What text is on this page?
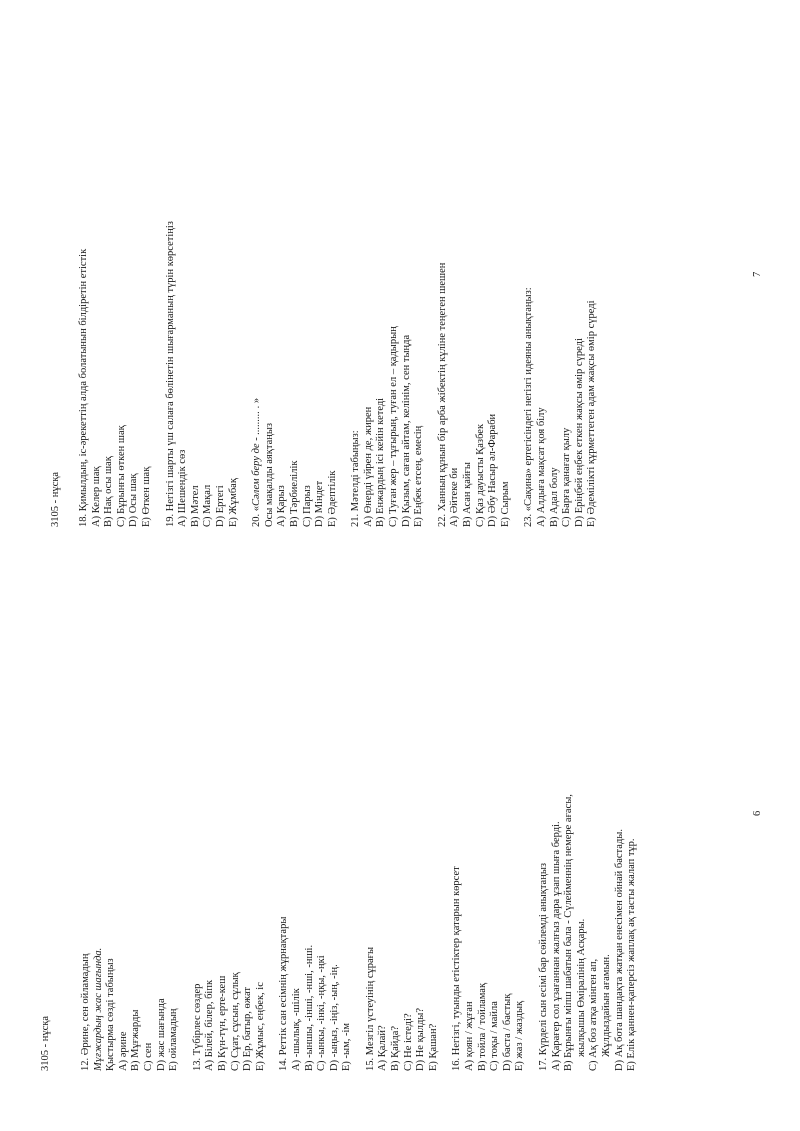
3105 - нұсқа	12. Әрине, сен ойламадың Мұғжардың жас шағында. Қыстырма сөзді табыңыз А) әрине В) Мұғжарды С) сен D) жас шағында Е) ойламадың 13. Түбірлес сөздер А) Білей, білер, біпк В) Күн-түн, ерте-кеш С) Сұат, сұсын, сұлық D) Ер, батыр, өжат Е) Жұмыс, еңбек, іс 14. Реттік сан есімнің жұрнақтары А) -шылық, -шілік В) -ыншы, -інші, -нші, -нші. С) -ынкы, -інкі, -ңқы, -ңкі D) -ыңыз, -іңіз, -ың, -ің. Е) -ым, -ім 15. Мезгіл үстеуінің сұрағы А) Қалай? В) Қайда? С) Не істеді? D) Не қылды? Е) Қашан? 16. Негізгі, туынды етістіктер қатарын көрсет А) қоян / жұған В) тойла / тойламақ С) тоқы / майла D) баста / бастық Е) жаз / жаздық 17. Күрделі сын есімі бар сөйлемді анықтаңыз А) Қарағер сол ұзағаннан жалғыз дара ұзап шыға берді. В) Бұрынғы міпш шабатын бала - Сүлейменнің немере ағасы, жылқышы Өміралінің Асқары. С) Ақ боз атқа мінген ап, Жұлдыздайын ағамын. D) Ақ бота шандақта жатқан енесімен ойнай бастады. Е) Елік қаннен-қаперсіз жаплақ ақ тасты жалап тұр.
6
3105 - нұсқа 18. Қимылдың, іс-әрекеттің алда болатынын білдіретін етістік А) Келер шақ В) Нақ осы шақ С) Бұрынғы өткен шақ D) Осы шақ Е) Өткен шақ 19. Негізгі шарты үш салаға бөлінетін шығарманың түрін көрсетіңіз А) Шешендік сөз В) Мәтел С) Мақал D) Ертегі Е) Жұмбақ 20. «Сәлем беру де - ......... . »
Осы мақалды аяқтаңыз А) Қарыз В) Тәрбиелілік С) Парыз D) Міндет Е) Әдептілік 21. Мәтелді табыңыз: А) Өнерді үйрен де, жирен В) Енжардың ісі кейін кетеді С) Туған жер – тұғырың, туған ел – қадырың D) Қызым, саған айтам, келінім, сен тыңда Е) Еңбек етсең, емесің 22. Ханның құнын бір арба жібектің кұліне теңеген шешен А) Әйтеке би В) Асан қайғы С) Қаз дауысты Қазбек D) Әбу Насыр әл-Фараби Е) Сырым 23. «Сақина» ертегісіндегі негізгі идеяны анықтаңыз: А) Алдыға мақсат қоя білу В) Адал болу С) Барға қанағат қылу D) Еріңбей еңбек еткен жақсы өмір сүреді Е) Әдемілікті құрметтеген адам жақсы өмір сүреді
7
